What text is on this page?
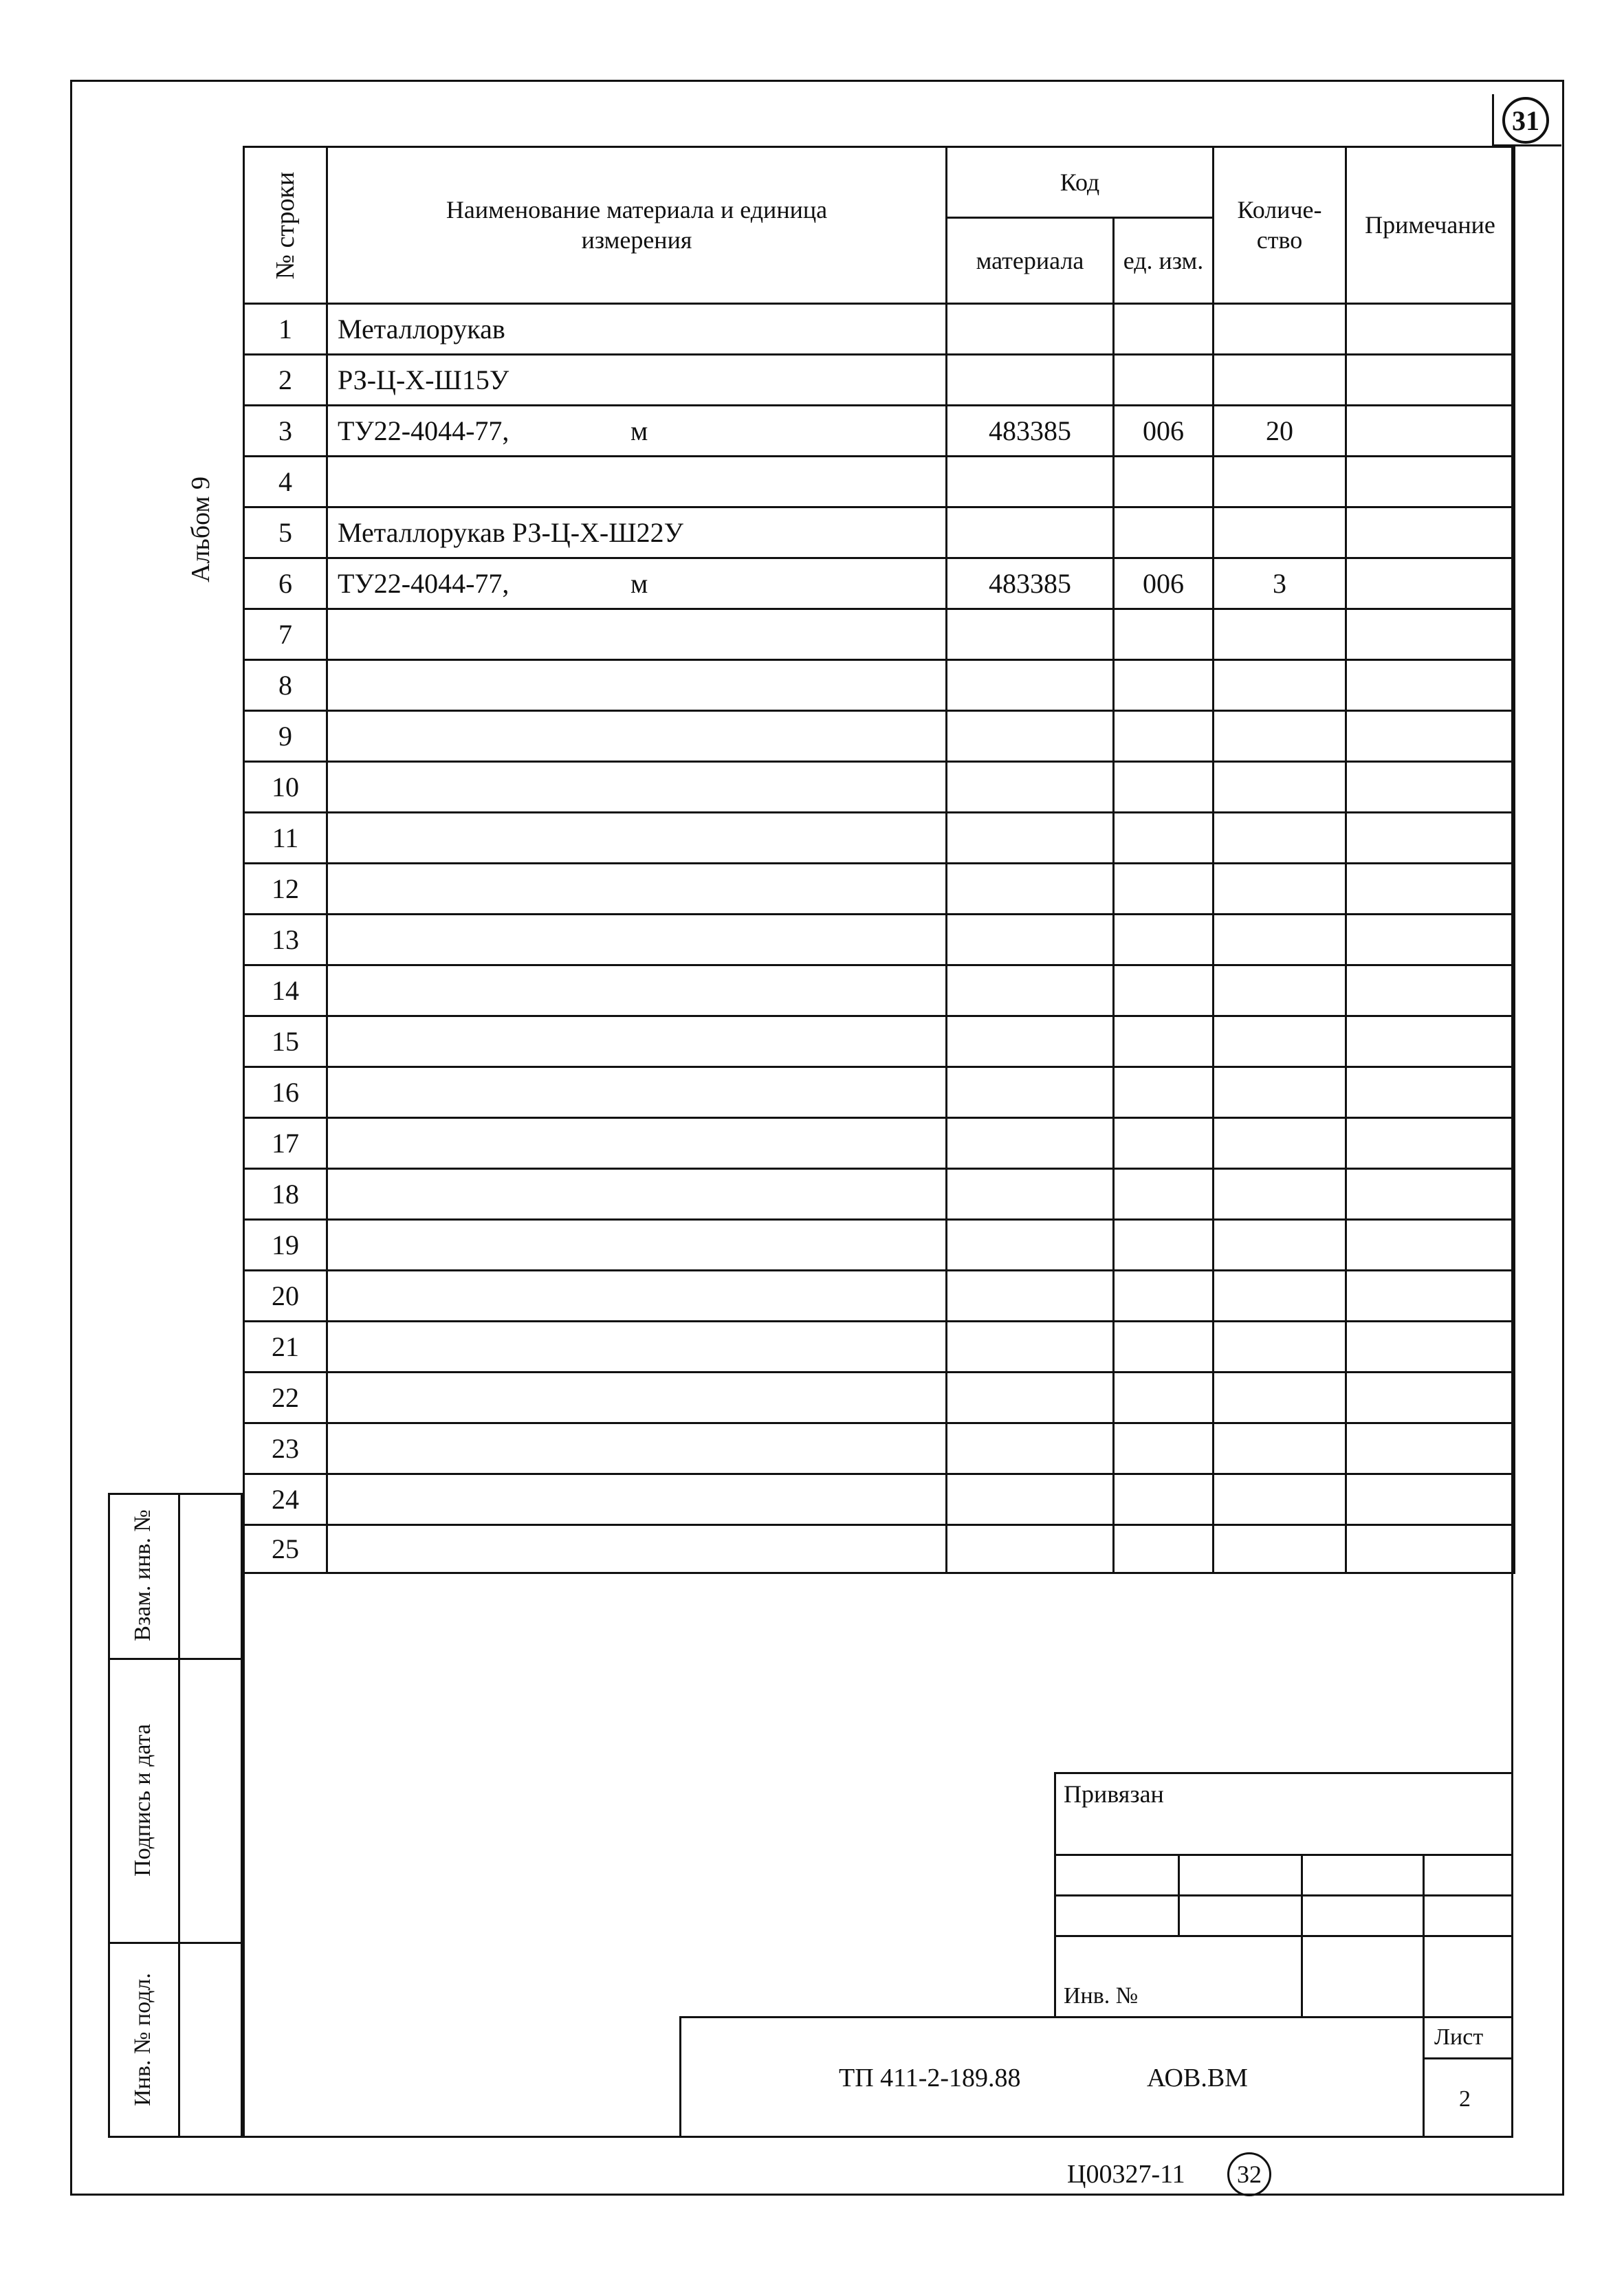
31
Альбом 9
№ строки	Наименование материала и единица измерения	Код		Количе- ство	Примечание
		материала	ед. изм.		
1	Металлорукав

2	РЗ-Ц-Х-Ш15У

3	ТУ22-4044-77, м	483385	006	20	
4	

5	Металлорукав РЗ-Ц-Х-Ш22У

6	ТУ22-4044-77, м	483385	006	3	
7	

8	

9	

10	

11	

12	

13	

14	

15	

16	

17	

18	

19	

20	

21	

22	

23	

24	

25	

Взам. инв. №
Подпись и дата
Инв. № подл.
Привязан
Инв. №
ТП 411-2-189.88	АОВ.ВМ
Лист
2
Ц00327-11	32
